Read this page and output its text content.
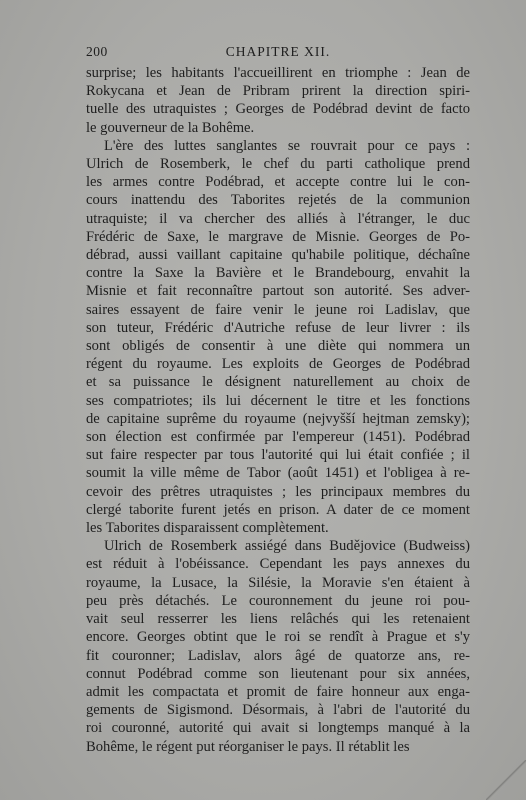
200	CHAPITRE XII.
surprise; les habitants l'accueillirent en triomphe : Jean de
Rokycana et Jean de Pribram prirent la direction spiri-
tuelle des utraquistes ; Georges de Podébrad devint de facto
le gouverneur de la Bohême.
L'ère des luttes sanglantes se rouvrait pour ce pays :
Ulrich de Rosemberk, le chef du parti catholique prend
les armes contre Podébrad, et accepte contre lui le con-
cours inattendu des Taborites rejetés de la communion
utraquiste; il va chercher des alliés à l'étranger, le duc
Frédéric de Saxe, le margrave de Misnie. Georges de Po-
débrad, aussi vaillant capitaine qu'habile politique, déchaîne
contre la Saxe la Bavière et le Brandebourg, envahit la
Misnie et fait reconnaître partout son autorité. Ses adver-
saires essayent de faire venir le jeune roi Ladislav, que
son tuteur, Frédéric d'Autriche refuse de leur livrer : ils
sont obligés de consentir à une diète qui nommera un
régent du royaume. Les exploits de Georges de Podébrad
et sa puissance le désignent naturellement au choix de
ses compatriotes; ils lui décernent le titre et les fonctions
de capitaine suprême du royaume (nejvyšší hejtman zemsky);
son élection est confirmée par l'empereur (1451). Podébrad
sut faire respecter par tous l'autorité qui lui était confiée ; il
soumit la ville même de Tabor (août 1451) et l'obligea à re-
cevoir des prêtres utraquistes ; les principaux membres du
clergé taborite furent jetés en prison. A dater de ce moment
les Taborites disparaissent complètement.
Ulrich de Rosemberk assiégé dans Budějovice (Budweiss)
est réduit à l'obéissance. Cependant les pays annexes du
royaume, la Lusace, la Silésie, la Moravie s'en étaient à
peu près détachés. Le couronnement du jeune roi pou-
vait seul resserrer les liens relâchés qui les retenaient
encore. Georges obtint que le roi se rendît à Prague et s'y
fit couronner; Ladislav, alors âgé de quatorze ans, re-
connut Podébrad comme son lieutenant pour six années,
admit les compactata et promit de faire honneur aux enga-
gements de Sigismond. Désormais, à l'abri de l'autorité du
roi couronné, autorité qui avait si longtemps manqué à la
Bohême, le régent put réorganiser le pays. Il rétablit les
